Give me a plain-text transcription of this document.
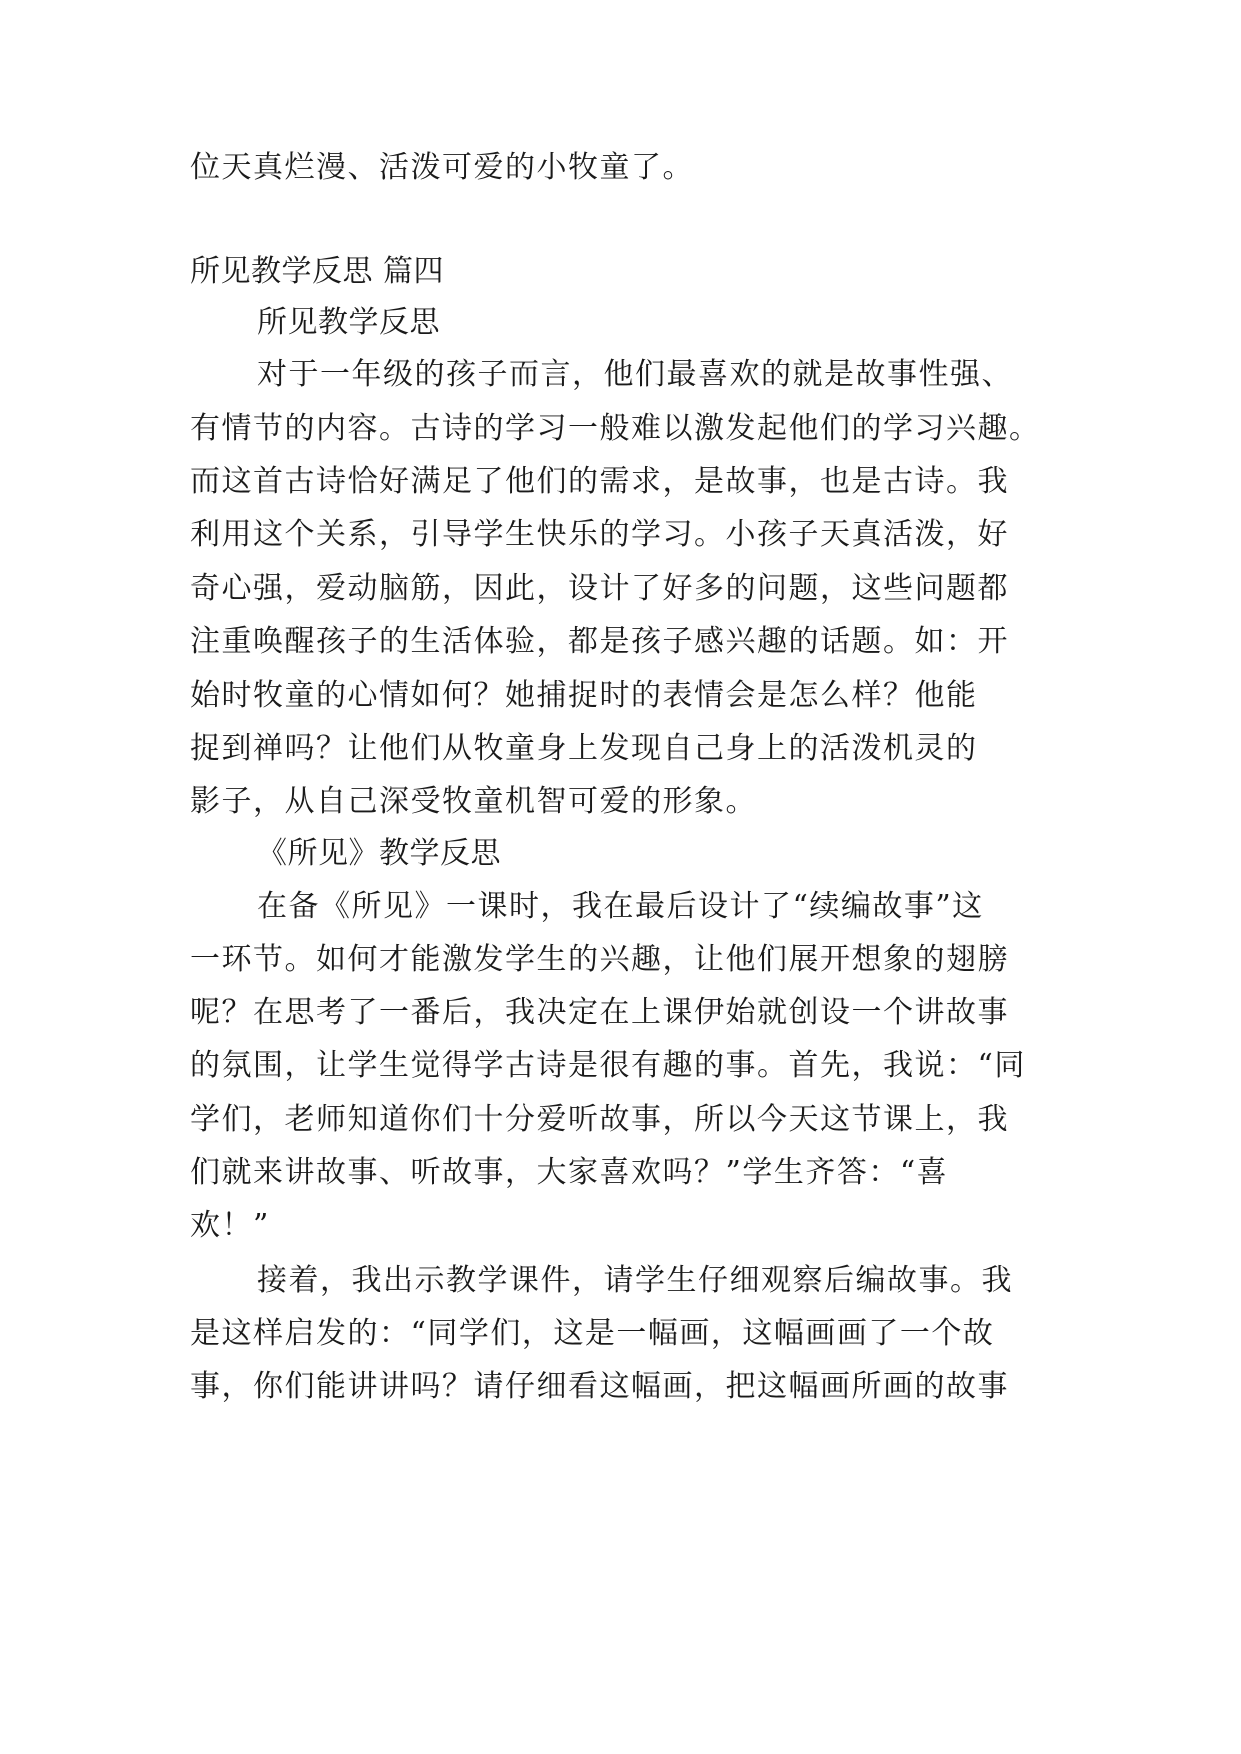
位天真烂漫、活泼可爱的小牧童了。
所见教学反思 篇四
所见教学反思
对于一年级的孩子而言，他们最喜欢的就是故事性强、
有情节的内容。古诗的学习一般难以激发起他们的学习兴趣。
而这首古诗恰好满足了他们的需求，是故事，也是古诗。我
利用这个关系，引导学生快乐的学习。小孩子天真活泼，好
奇心强，爱动脑筋，因此，设计了好多的问题，这些问题都
注重唤醒孩子的生活体验，都是孩子感兴趣的话题。如：开
始时牧童的心情如何？她捕捉时的表情会是怎么样？他能
捉到禅吗？让他们从牧童身上发现自己身上的活泼机灵的
影子，从自己深受牧童机智可爱的形象。
《所见》教学反思
在备《所见》一课时，我在最后设计了“续编故事”这
一环节。如何才能激发学生的兴趣，让他们展开想象的翅膀
呢？在思考了一番后，我决定在上课伊始就创设一个讲故事
的氛围，让学生觉得学古诗是很有趣的事。首先，我说：“同
学们，老师知道你们十分爱听故事，所以今天这节课上，我
们就来讲故事、听故事，大家喜欢吗？”学生齐答：“喜
欢！”
接着，我出示教学课件，请学生仔细观察后编故事。我
是这样启发的：“同学们，这是一幅画，这幅画画了一个故
事，你们能讲讲吗？请仔细看这幅画，把这幅画所画的故事
